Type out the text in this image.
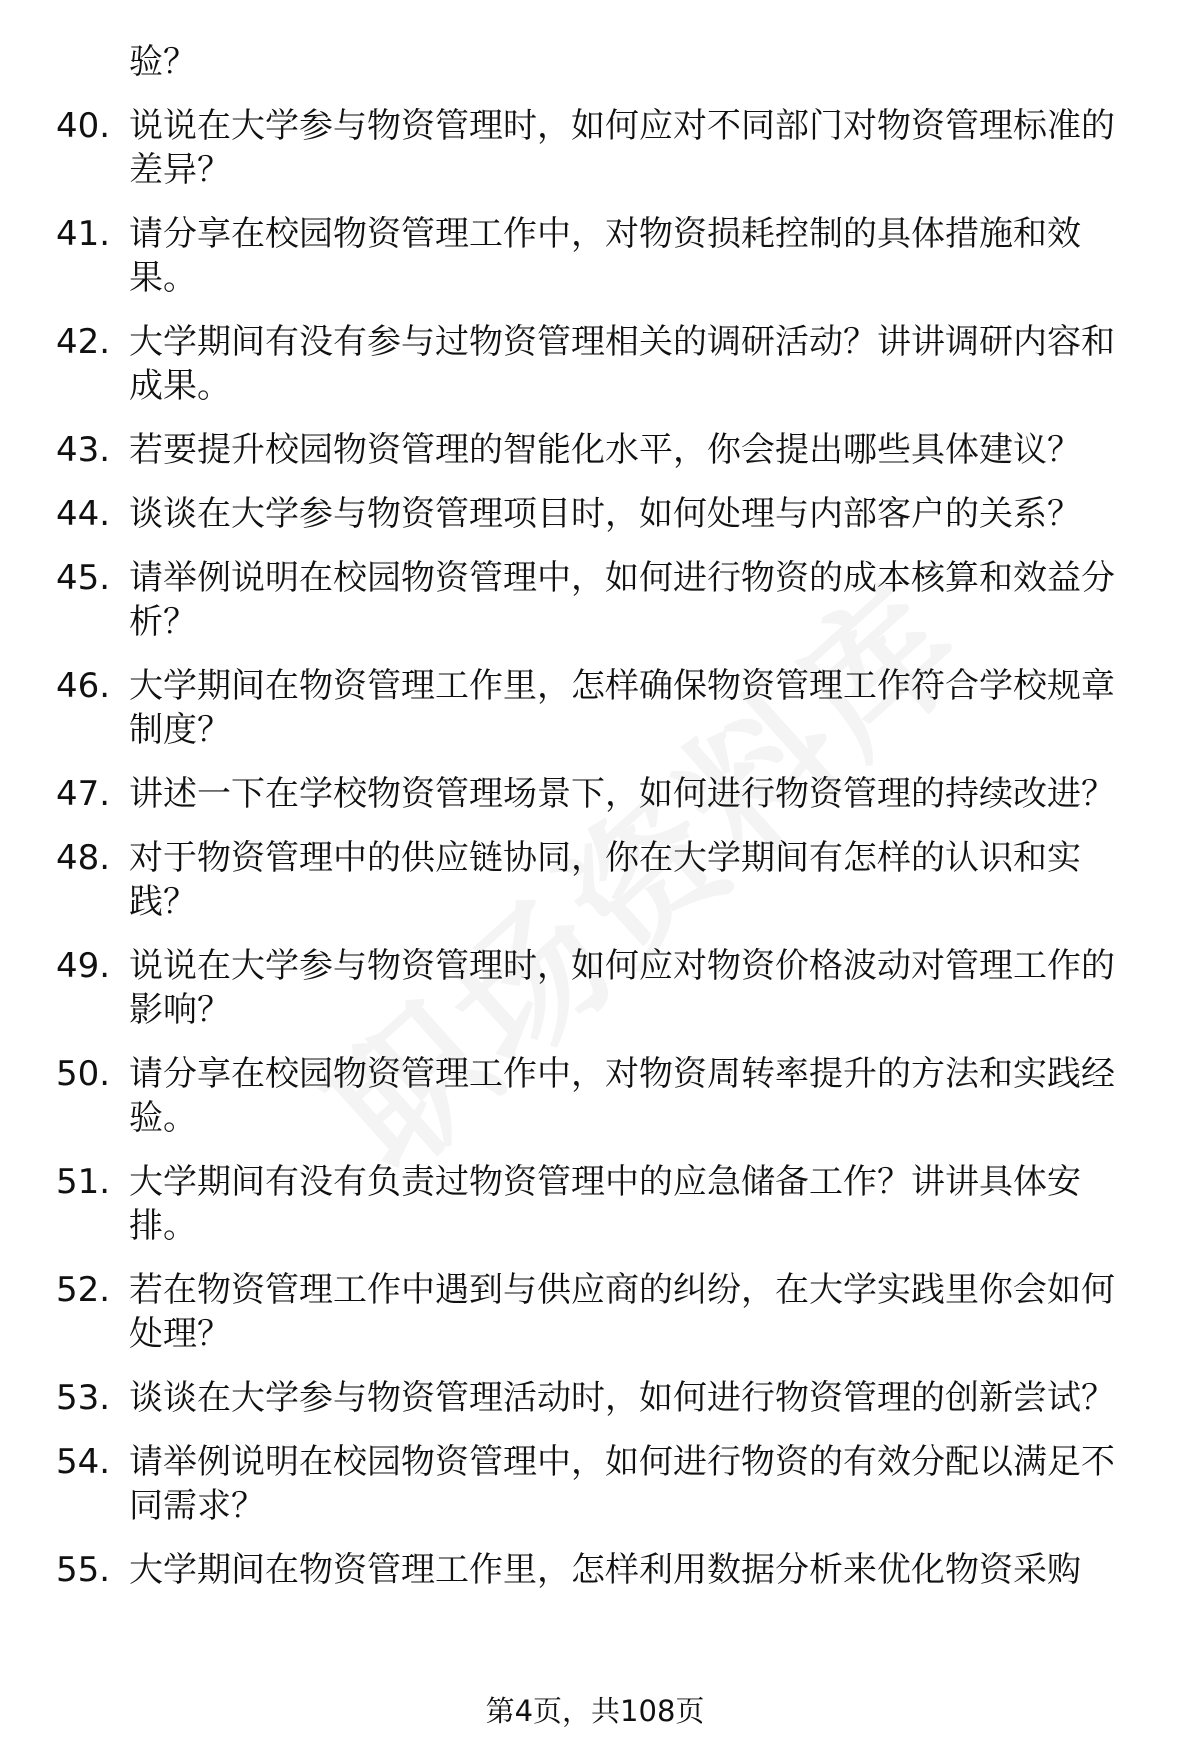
验？
40. 说说在大学参与物资管理时，如何应对不同部门对物资管理标准的差异？
41. 请分享在校园物资管理工作中，对物资损耗控制的具体措施和效果。
42. 大学期间有没有参与过物资管理相关的调研活动？讲讲调研内容和成果。
43. 若要提升校园物资管理的智能化水平，你会提出哪些具体建议？
44. 谈谈在大学参与物资管理项目时，如何处理与内部客户的关系？
45. 请举例说明在校园物资管理中，如何进行物资的成本核算和效益分析？
46. 大学期间在物资管理工作里，怎样确保物资管理工作符合学校规章制度？
47. 讲述一下在学校物资管理场景下，如何进行物资管理的持续改进？
48. 对于物资管理中的供应链协同，你在大学期间有怎样的认识和实践？
49. 说说在大学参与物资管理时，如何应对物资价格波动对管理工作的影响？
50. 请分享在校园物资管理工作中，对物资周转率提升的方法和实践经验。
51. 大学期间有没有负责过物资管理中的应急储备工作？讲讲具体安排。
52. 若在物资管理工作中遇到与供应商的纠纷，在大学实践里你会如何处理？
53. 谈谈在大学参与物资管理活动时，如何进行物资管理的创新尝试？
54. 请举例说明在校园物资管理中，如何进行物资的有效分配以满足不同需求？
55. 大学期间在物资管理工作里，怎样利用数据分析来优化物资采购
第4页，共108页
